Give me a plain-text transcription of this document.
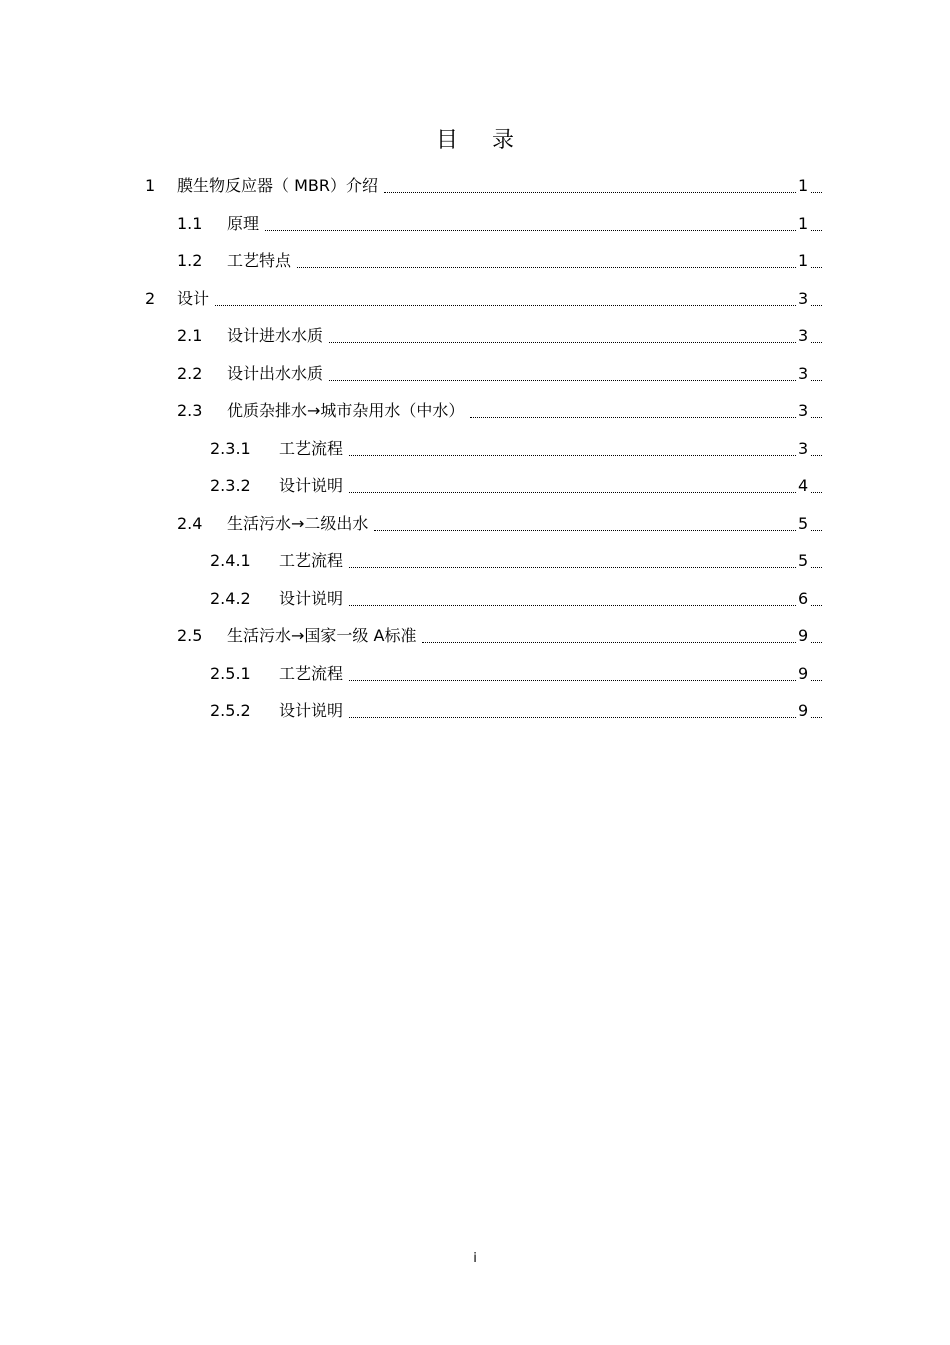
目录
1 膜生物反应器（ MBR）介绍	1
1.1 原理	1
1.2 工艺特点	1
2 设计	3
2.1 设计进水水质	3
2.2 设计出水水质	3
2.3 优质杂排水→城市杂用水（中水）	3
2.3.1 工艺流程	3
2.3.2 设计说明	4
2.4 生活污水→二级出水	5
2.4.1 工艺流程	5
2.4.2 设计说明	6
2.5 生活污水→国家一级 A标准	9
2.5.1 工艺流程	9
2.5.2 设计说明	9
i
